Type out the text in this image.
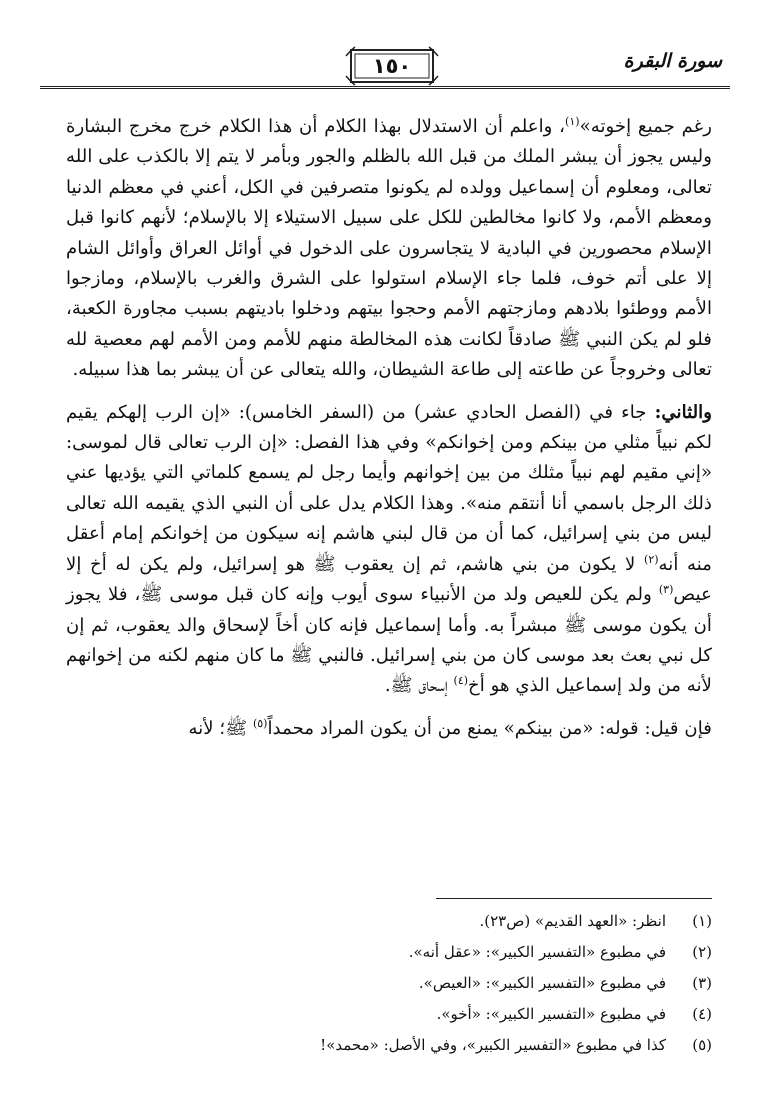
١٥٠	سورة البقرة

رغم جميع إخوته»$^{(١)}$، واعلم أن الاستدلال بهذا الكلام أن هذا الكلام خرج مخرج البشارة وليس يجوز أن يبشر الملك من قبل الله بالظلم والجور وبأمر لا يتم إلا بالكذب على الله تعالى، ومعلوم أن إسماعيل وولده لم يكونوا متصرفين في الكل، أعني في معظم الدنيا ومعظم الأمم، ولا كانوا مخالطين للكل على سبيل الاستيلاء إلا بالإسلام؛ لأنهم كانوا قبل الإسلام محصورين في البادية لا يتجاسرون على الدخول في أوائل العراق وأوائل الشام إلا على أتم خوف، فلما جاء الإسلام استولوا على الشرق والغرب بالإسلام، ومازجوا الأمم ووطئوا بلادهم ومازجتهم الأمم وحجوا بيتهم ودخلوا باديتهم بسبب مجاورة الكعبة، فلو لم يكن النبي ﷺ صادقاً لكانت هذه المخالطة منهم للأمم ومن الأمم لهم معصية لله تعالى وخروجاً عن طاعته إلى طاعة الشيطان، والله يتعالى عن أن يبشر بما هذا سبيله.

والثاني: جاء في (الفصل الحادي عشر) من (السفر الخامس): «إن الرب إلهكم يقيم لكم نبياً مثلي من بينكم ومن إخوانكم» وفي هذا الفصل: «إن الرب تعالى قال لموسى: «إني مقيم لهم نبياً مثلك من بين إخوانهم وأيما رجل لم يسمع كلماتي التي يؤديها عني ذلك الرجل باسمي أنا أنتقم منه». وهذا الكلام يدل على أن النبي الذي يقيمه الله تعالى ليس من بني إسرائيل، كما أن من قال لبني هاشم إنه سيكون من إخوانكم إمام أعقل منه أنه$^{(٢)}$ لا يكون من بني هاشم، ثم إن يعقوب ﷺ هو إسرائيل، ولم يكن له أخ إلا عيص$^{(٣)}$ ولم يكن للعيص ولد من الأنبياء سوى أيوب وإنه كان قبل موسى ﷺ، فلا يجوز أن يكون موسى ﷺ مبشراً به. وأما إسماعيل فإنه كان أخاً لإسحاق والد يعقوب، ثم إن كل نبي بعث بعد موسى كان من بني إسرائيل. فالنبي ﷺ ما كان منهم لكنه من إخوانهم لأنه من ولد إسماعيل الذي هو أخ$^{(٤)}$ إسحاق ﷺ.

فإن قيل: قوله: «من بينكم» يمنع من أن يكون المراد محمداً$^{(٥)}$ ﷺ؛ لأنه

(١)
انظر: «العهد القديم» (ص٢٣).

(٢)
في مطبوع «التفسير الكبير»: «عقل أنه».

(٣)
في مطبوع «التفسير الكبير»: «العيص».

(٤)
في مطبوع «التفسير الكبير»: «أخو».

(٥)
كذا في مطبوع «التفسير الكبير»، وفي الأصل: «محمد»!
